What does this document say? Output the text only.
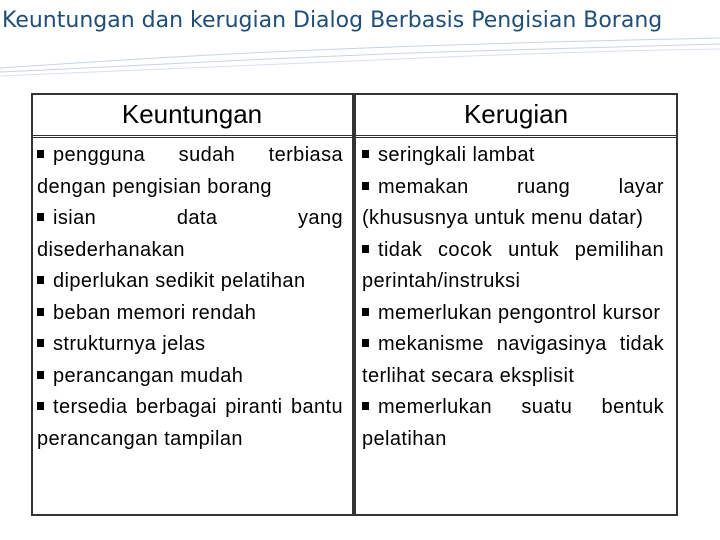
Keuntungan dan kerugian Dialog Berbasis Pengisian Borang
Keuntungan	Kerugian
pengguna sudah terbiasa dengan pengisian borang
isian data yang disederhanakan
diperlukan sedikit pelatihan
beban memori rendah
strukturnya jelas
perancangan mudah
tersedia berbagai piranti bantu perancangan tampilan
seringkali lambat
memakan ruang layar (khususnya untuk menu datar)
tidak cocok untuk pemilihan perintah/instruksi
memerlukan pengontrol kursor
mekanisme navigasinya tidak terlihat secara eksplisit
memerlukan suatu bentuk pelatihan
